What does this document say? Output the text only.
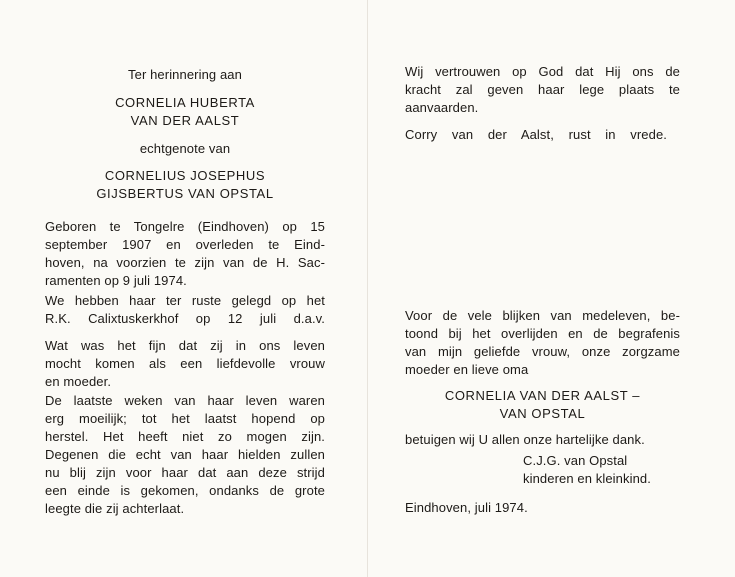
Ter herinnering aan
CORNELIA HUBERTA
VAN DER AALST
echtgenote van
CORNELIUS JOSEPHUS
GIJSBERTUS VAN OPSTAL
Geboren te Tongelre (Eindhoven) op 15
september 1907 en overleden te Eind-
hoven, na voorzien te zijn van de H. Sac-
ramenten op 9 juli 1974.
We hebben haar ter ruste gelegd op het
R.K. Calixtuskerkhof op 12 juli d.a.v.
Wat was het fijn dat zij in ons leven
mocht komen als een liefdevolle vrouw
en moeder.
De laatste weken van haar leven waren
erg moeilijk; tot het laatst hopend op
herstel. Het heeft niet zo mogen zijn.
Degenen die echt van haar hielden zullen
nu blij zijn voor haar dat aan deze strijd
een einde is gekomen, ondanks de grote
leegte die zij achterlaat.
Wij vertrouwen op God dat Hij ons de
kracht zal geven haar lege plaats te
aanvaarden.
Corry van der Aalst, rust in vrede.
Voor de vele blijken van medeleven, be-
toond bij het overlijden en de begrafenis
van mijn geliefde vrouw, onze zorgzame
moeder en lieve oma
CORNELIA VAN DER AALST –
VAN OPSTAL
betuigen wij U allen onze hartelijke dank.
C.J.G. van Opstal
kinderen en kleinkind.
Eindhoven, juli 1974.
